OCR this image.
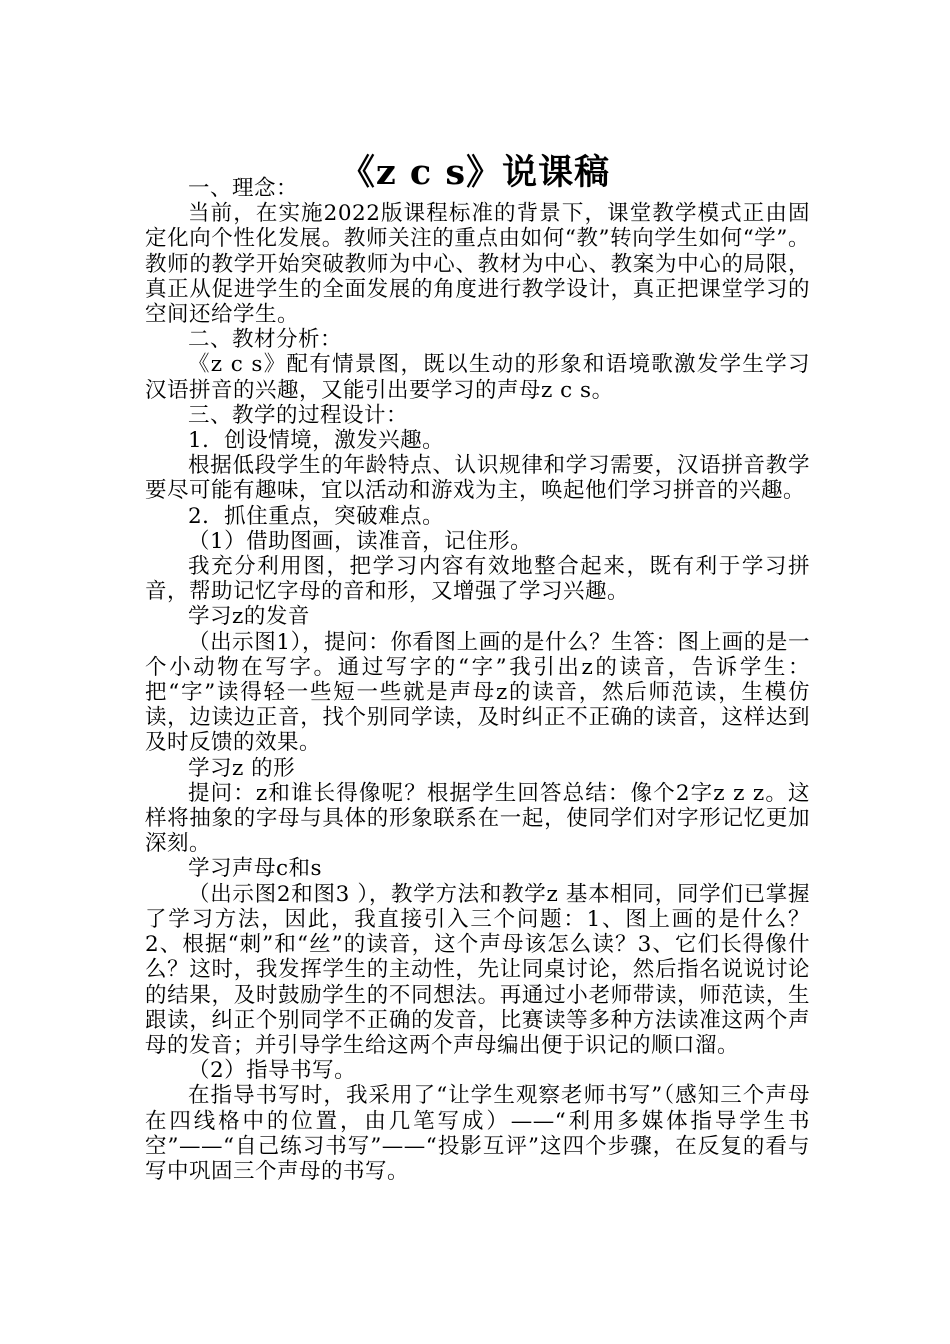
《z c s》说课稿

一、理念：

当前，在实施2022版课程标准的背景下，课堂教学模式正由固定化向个性化发展。教师关注的重点由如何“教”转向学生如何“学”。教师的教学开始突破教师为中心、教材为中心、教案为中心的局限，真正从促进学生的全面发展的角度进行教学设计，真正把课堂学习的空间还给学生。

二、教材分析：

《z c s》配有情景图，既以生动的形象和语境歌激发学生学习汉语拼音的兴趣，又能引出要学习的声母z c s。

三、教学的过程设计：

1．创设情境，激发兴趣。

根据低段学生的年龄特点、认识规律和学习需要，汉语拼音教学要尽可能有趣味，宜以活动和游戏为主，唤起他们学习拼音的兴趣。

2．抓住重点，突破难点。

（1）借助图画，读准音，记住形。

我充分利用图，把学习内容有效地整合起来，既有利于学习拼音，帮助记忆字母的音和形，又增强了学习兴趣。

学习z的发音

（出示图1），提问：你看图上画的是什么？生答：图上画的是一个小动物在写字。通过写字的“字”我引出z的读音，告诉学生：把“字”读得轻一些短一些就是声母z的读音，然后师范读，生模仿读，边读边正音，找个别同学读，及时纠正不正确的读音，这样达到及时反馈的效果。

学习z 的形

提问：z和谁长得像呢？根据学生回答总结：像个2字z z z。这样将抽象的字母与具体的形象联系在一起，使同学们对字形记忆更加深刻。

学习声母c和s

（出示图2和图3 ），教学方法和教学z 基本相同，同学们已掌握了学习方法，因此，我直接引入三个问题：1、图上画的是什么？2、根据“刺”和“丝”的读音，这个声母该怎么读？3、它们长得像什么？这时，我发挥学生的主动性，先让同桌讨论，然后指名说说讨论的结果，及时鼓励学生的不同想法。再通过小老师带读，师范读，生跟读，纠正个别同学不正确的发音，比赛读等多种方法读准这两个声母的发音；并引导学生给这两个声母编出便于识记的顺口溜。

（2）指导书写。

在指导书写时，我采用了“让学生观察老师书写”（感知三个声母在四线格中的位置，由几笔写成）——“利用多媒体指导学生书空”——“自己练习书写”——“投影互评”这四个步骤，在反复的看与写中巩固三个声母的书写。
